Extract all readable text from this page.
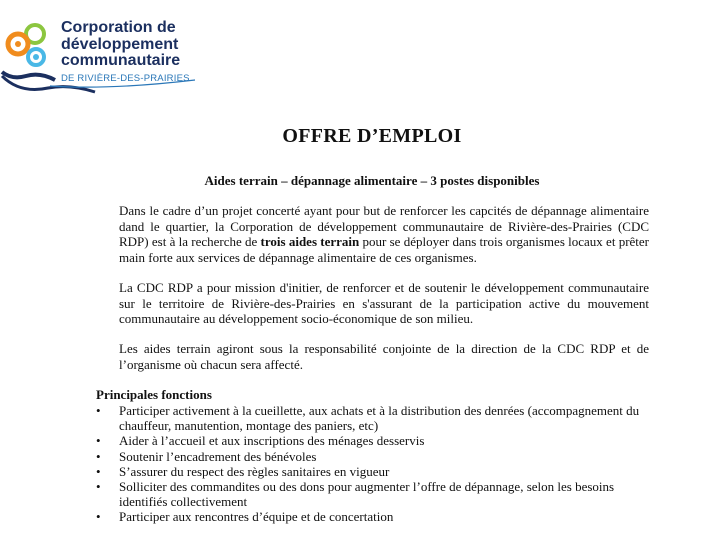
Corporation de
développement
communautaire
DE RIVIÈRE-DES-PRAIRIES
OFFRE D’EMPLOI
Aides terrain – dépannage alimentaire – 3 postes disponibles
Dans le cadre d’un projet concerté ayant pour but de renforcer les capcités de dépannage alimentaire dand le quartier, la Corporation de développement communautaire de Rivière-des-Prairies (CDC RDP) est à la recherche de trois aides terrain pour se déployer dans trois organismes locaux et prêter main forte aux services de dépannage alimentaire de ces organismes.
La CDC RDP a pour mission d'initier, de renforcer et de soutenir le développement communautaire sur le territoire de Rivière-des-Prairies en s'assurant de la participation active du mouvement communautaire au développement socio-économique de son milieu.
Les aides terrain agiront sous la responsabilité conjointe de la direction de la CDC RDP et de l’organisme où chacun sera affecté.
Principales fonctions
• Participer activement à la cueillette, aux achats et à la distribution des denrées (accompagnement du chauffeur, manutention, montage des paniers, etc)
• Aider à l’accueil et aux inscriptions des ménages desservis
• Soutenir l’encadrement des bénévoles
• S’assurer du respect des règles sanitaires en vigueur
• Solliciter des commandites ou des dons pour augmenter l’offre de dépannage, selon les besoins identifiés collectivement
• Participer aux rencontres d’équipe et de concertation
